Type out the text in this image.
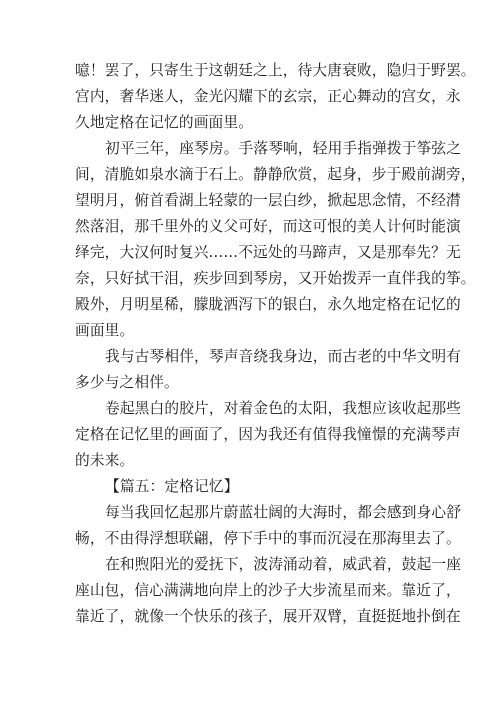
噫！罢了，只寄生于这朝廷之上，待大唐衰败，隐归于野罢。
宫内，奢华迷人，金光闪耀下的玄宗，正心舞动的宫女，永
久地定格在记忆的画面里。
初平三年，座琴房。手落琴响，轻用手指弹拨于筝弦之
间，清脆如泉水滴于石上。静静欣赏，起身，步于殿前湖旁，
望明月，俯首看湖上轻蒙的一层白纱，掀起思念情，不经潸
然落泪，那千里外的义父可好，而这可恨的美人计何时能演
绎完，大汉何时复兴……不远处的马蹄声，又是那奉先？无
奈，只好拭干泪，疾步回到琴房，又开始拨弄一直伴我的筝。
殿外，月明星稀，朦胧洒泻下的银白，永久地定格在记忆的
画面里。
我与古琴相伴，琴声音绕我身边，而古老的中华文明有
多少与之相伴。
卷起黑白的胶片，对着金色的太阳，我想应该收起那些
定格在记忆里的画面了，因为我还有值得我憧憬的充满琴声
的未来。
【篇五：定格记忆】
每当我回忆起那片蔚蓝壮阔的大海时，都会感到身心舒
畅，不由得浮想联翩，停下手中的事而沉浸在那海里去了。
在和煦阳光的爱抚下，波涛涌动着，威武着，鼓起一座
座山包，信心满满地向岸上的沙子大步流星而来。靠近了，
靠近了，就像一个快乐的孩子，展开双臂，直挺挺地扑倒在
